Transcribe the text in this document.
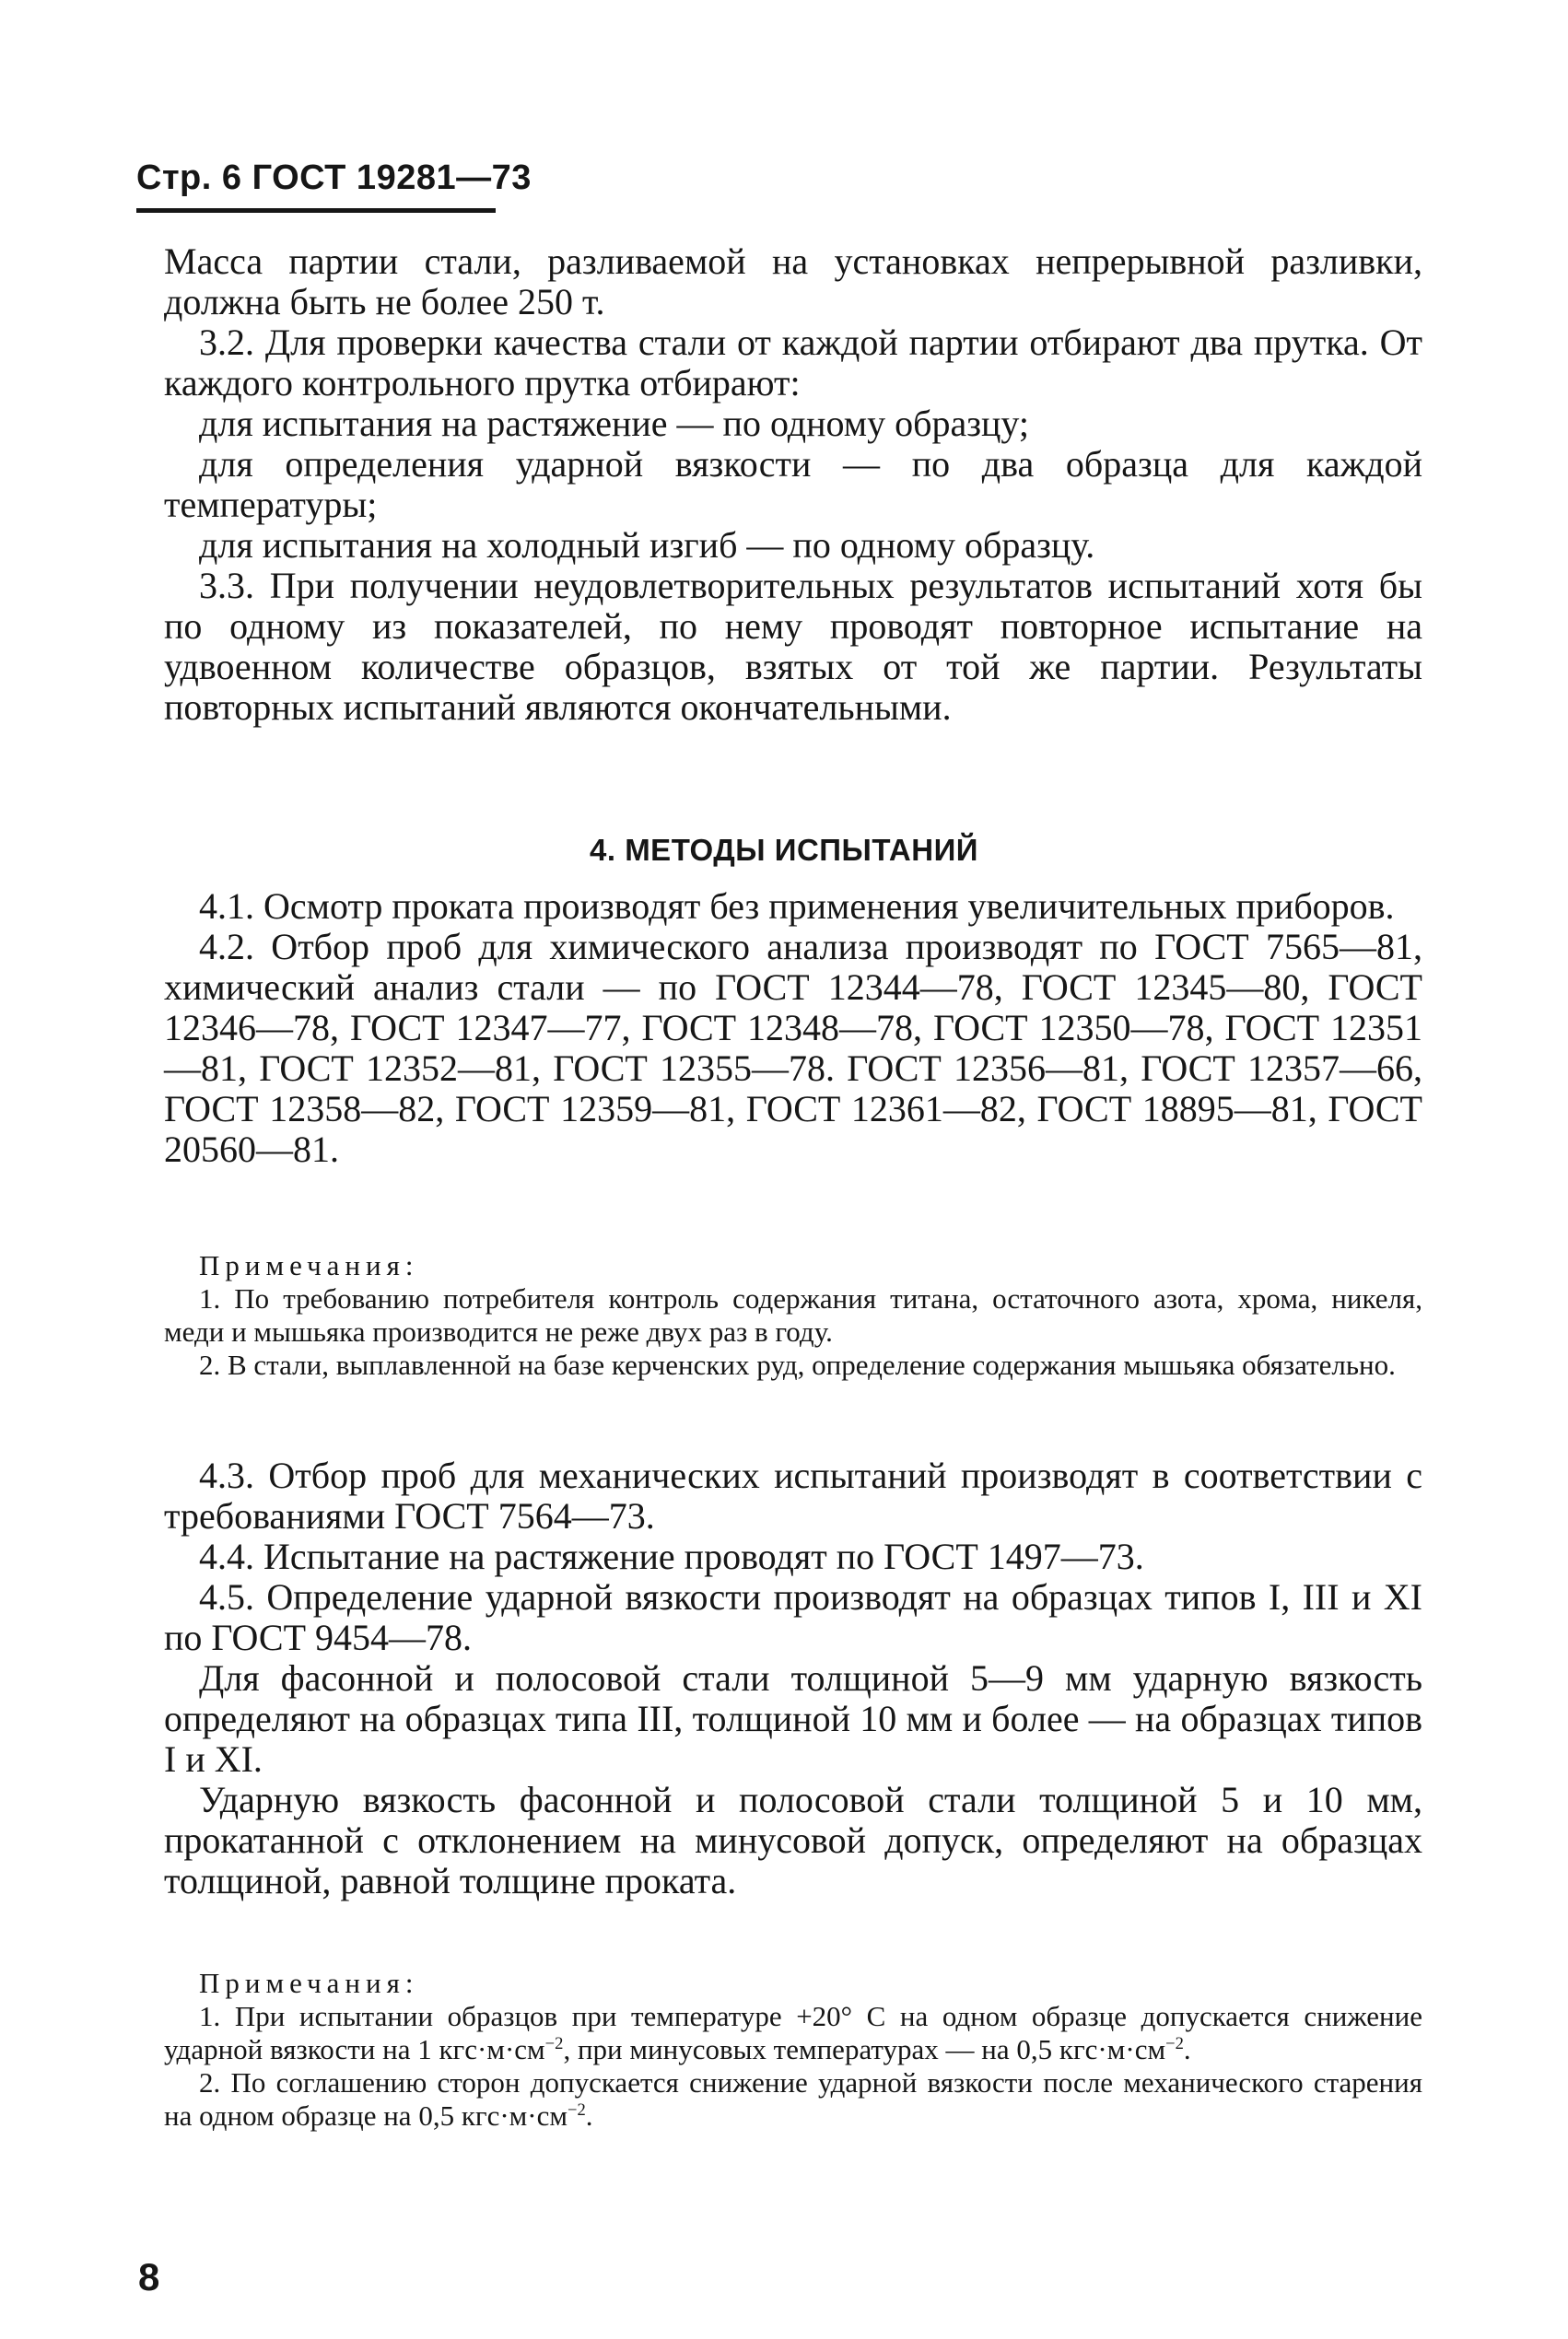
Стр. 6 ГОСТ 19281—73

Масса партии стали, разливаемой на установках непрерывной разливки, должна быть не более 250 т.

3.2. Для проверки качества стали от каждой партии отбирают два прутка. От каждого контрольного прутка отбирают:

для испытания на растяжение — по одному образцу;

для определения ударной вязкости — по два образца для каждой температуры;

для испытания на холодный изгиб — по одному образцу.

3.3. При получении неудовлетворительных результатов испытаний хотя бы по одному из показателей, по нему проводят повторное испытание на удвоенном количестве образцов, взятых от той же партии. Результаты повторных испытаний являются окончательными.

4. МЕТОДЫ ИСПЫТАНИЙ

4.1. Осмотр проката производят без применения увеличительных приборов.

4.2. Отбор проб для химического анализа производят по ГОСТ 7565—81, химический анализ стали — по ГОСТ 12344—78, ГОСТ 12345—80, ГОСТ 12346—78, ГОСТ 12347—77, ГОСТ 12348—78, ГОСТ 12350—78, ГОСТ 12351—81, ГОСТ 12352—81, ГОСТ 12355—78. ГОСТ 12356—81, ГОСТ 12357—66, ГОСТ 12358—82, ГОСТ 12359—81, ГОСТ 12361—82, ГОСТ 18895—81, ГОСТ 20560—81.

Примечания:

1. По требованию потребителя контроль содержания титана, остаточного азота, хрома, никеля, меди и мышьяка производится не реже двух раз в году.

2. В стали, выплавленной на базе керченских руд, определение содержания мышьяка обязательно.

4.3. Отбор проб для механических испытаний производят в соответствии с требованиями ГОСТ 7564—73.

4.4. Испытание на растяжение проводят по ГОСТ 1497—73.

4.5. Определение ударной вязкости производят на образцах типов I, III и XI по ГОСТ 9454—78.

Для фасонной и полосовой стали толщиной 5—9 мм ударную вязкость определяют на образцах типа III, толщиной 10 мм и более — на образцах типов I и XI.

Ударную вязкость фасонной и полосовой стали толщиной 5 и 10 мм, прокатанной с отклонением на минусовой допуск, определяют на образцах толщиной, равной толщине проката.

Примечания:

1. При испытании образцов при температуре +20° С на одном образце допускается снижение ударной вязкости на 1 $кгс\cdot м\cdot см^{-2}$, при минусовых температурах — на 0,5 $кгс\cdot м\cdot см^{-2}$.

2. По соглашению сторон допускается снижение ударной вязкости после механического старения на одном образце на 0,5 $кгс\cdot м\cdot см^{-2}$.

8
